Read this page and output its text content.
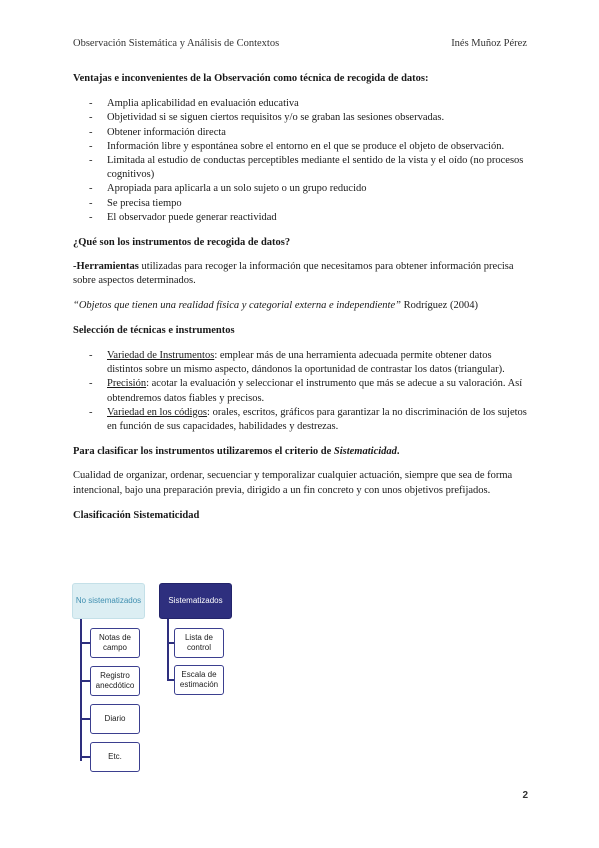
Observación Sistemática y Análisis de Contextos	Inés Muñoz Pérez

Ventajas e inconvenientes de la Observación como técnica de recogida de datos:

- Amplia aplicabilidad en evaluación educativa
- Objetividad si se siguen ciertos requisitos y/o se graban las sesiones observadas.
- Obtener información directa
- Información libre y espontánea sobre el entorno en el que se produce el objeto de observación.
- Limitada al estudio de conductas perceptibles mediante el sentido de la vista y el oído (no procesos cognitivos)
- Apropiada para aplicarla a un solo sujeto o un grupo reducido
- Se precisa tiempo
- El observador puede generar reactividad

¿Qué son los instrumentos de recogida de datos?

-Herramientas utilizadas para recoger la información que necesitamos para obtener información precisa sobre aspectos determinados.

“Objetos que tienen una realidad física y categorial externa e independiente” Rodríguez (2004)

Selección de técnicas e instrumentos

- Variedad de Instrumentos: emplear más de una herramienta adecuada permite obtener datos distintos sobre un mismo aspecto, dándonos la oportunidad de contrastar los datos (triangular).
- Precisión: acotar la evaluación y seleccionar el instrumento que más se adecue a su valoración. Así obtendremos datos fiables y precisos.
- Variedad en los códigos: orales, escritos, gráficos para garantizar la no discriminación de los sujetos en función de sus capacidades, habilidades y destrezas.

Para clasificar los instrumentos utilizaremos el criterio de Sistematicidad.

Cualidad de organizar, ordenar, secuenciar y temporalizar cualquier actuación, siempre que sea de forma intencional, bajo una preparación previa, dirigido a un fin concreto y con unos objetivos prefijados.

Clasificación Sistematicidad

No sistematizados	Sistematizados
Notas de campo
Registro anecdótico
Diario
Etc.
Lista de control
Escala de estimación
2
